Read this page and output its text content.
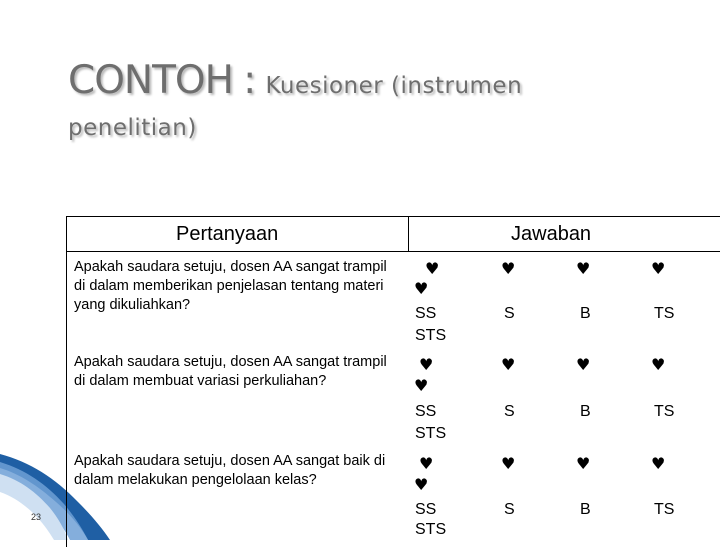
CONTOH : Kuesioner (instrumen
penelitian)
23
Pertanyaan	Jawaban
Apakah saudara setuju, dosen AA sangat trampil di dalam memberikan penjelasan tentang materi yang dikuliahkan?
♥	♥	♥	♥
♥
SS	S	B	TS
STS
Apakah saudara setuju, dosen AA sangat trampil di dalam membuat variasi perkuliahan?
♥	♥	♥	♥
♥
SS	S	B	TS
STS
Apakah saudara setuju, dosen AA sangat baik di dalam melakukan pengelolaan kelas?
♥	♥	♥	♥
♥
SS	S	B	TS
STS
